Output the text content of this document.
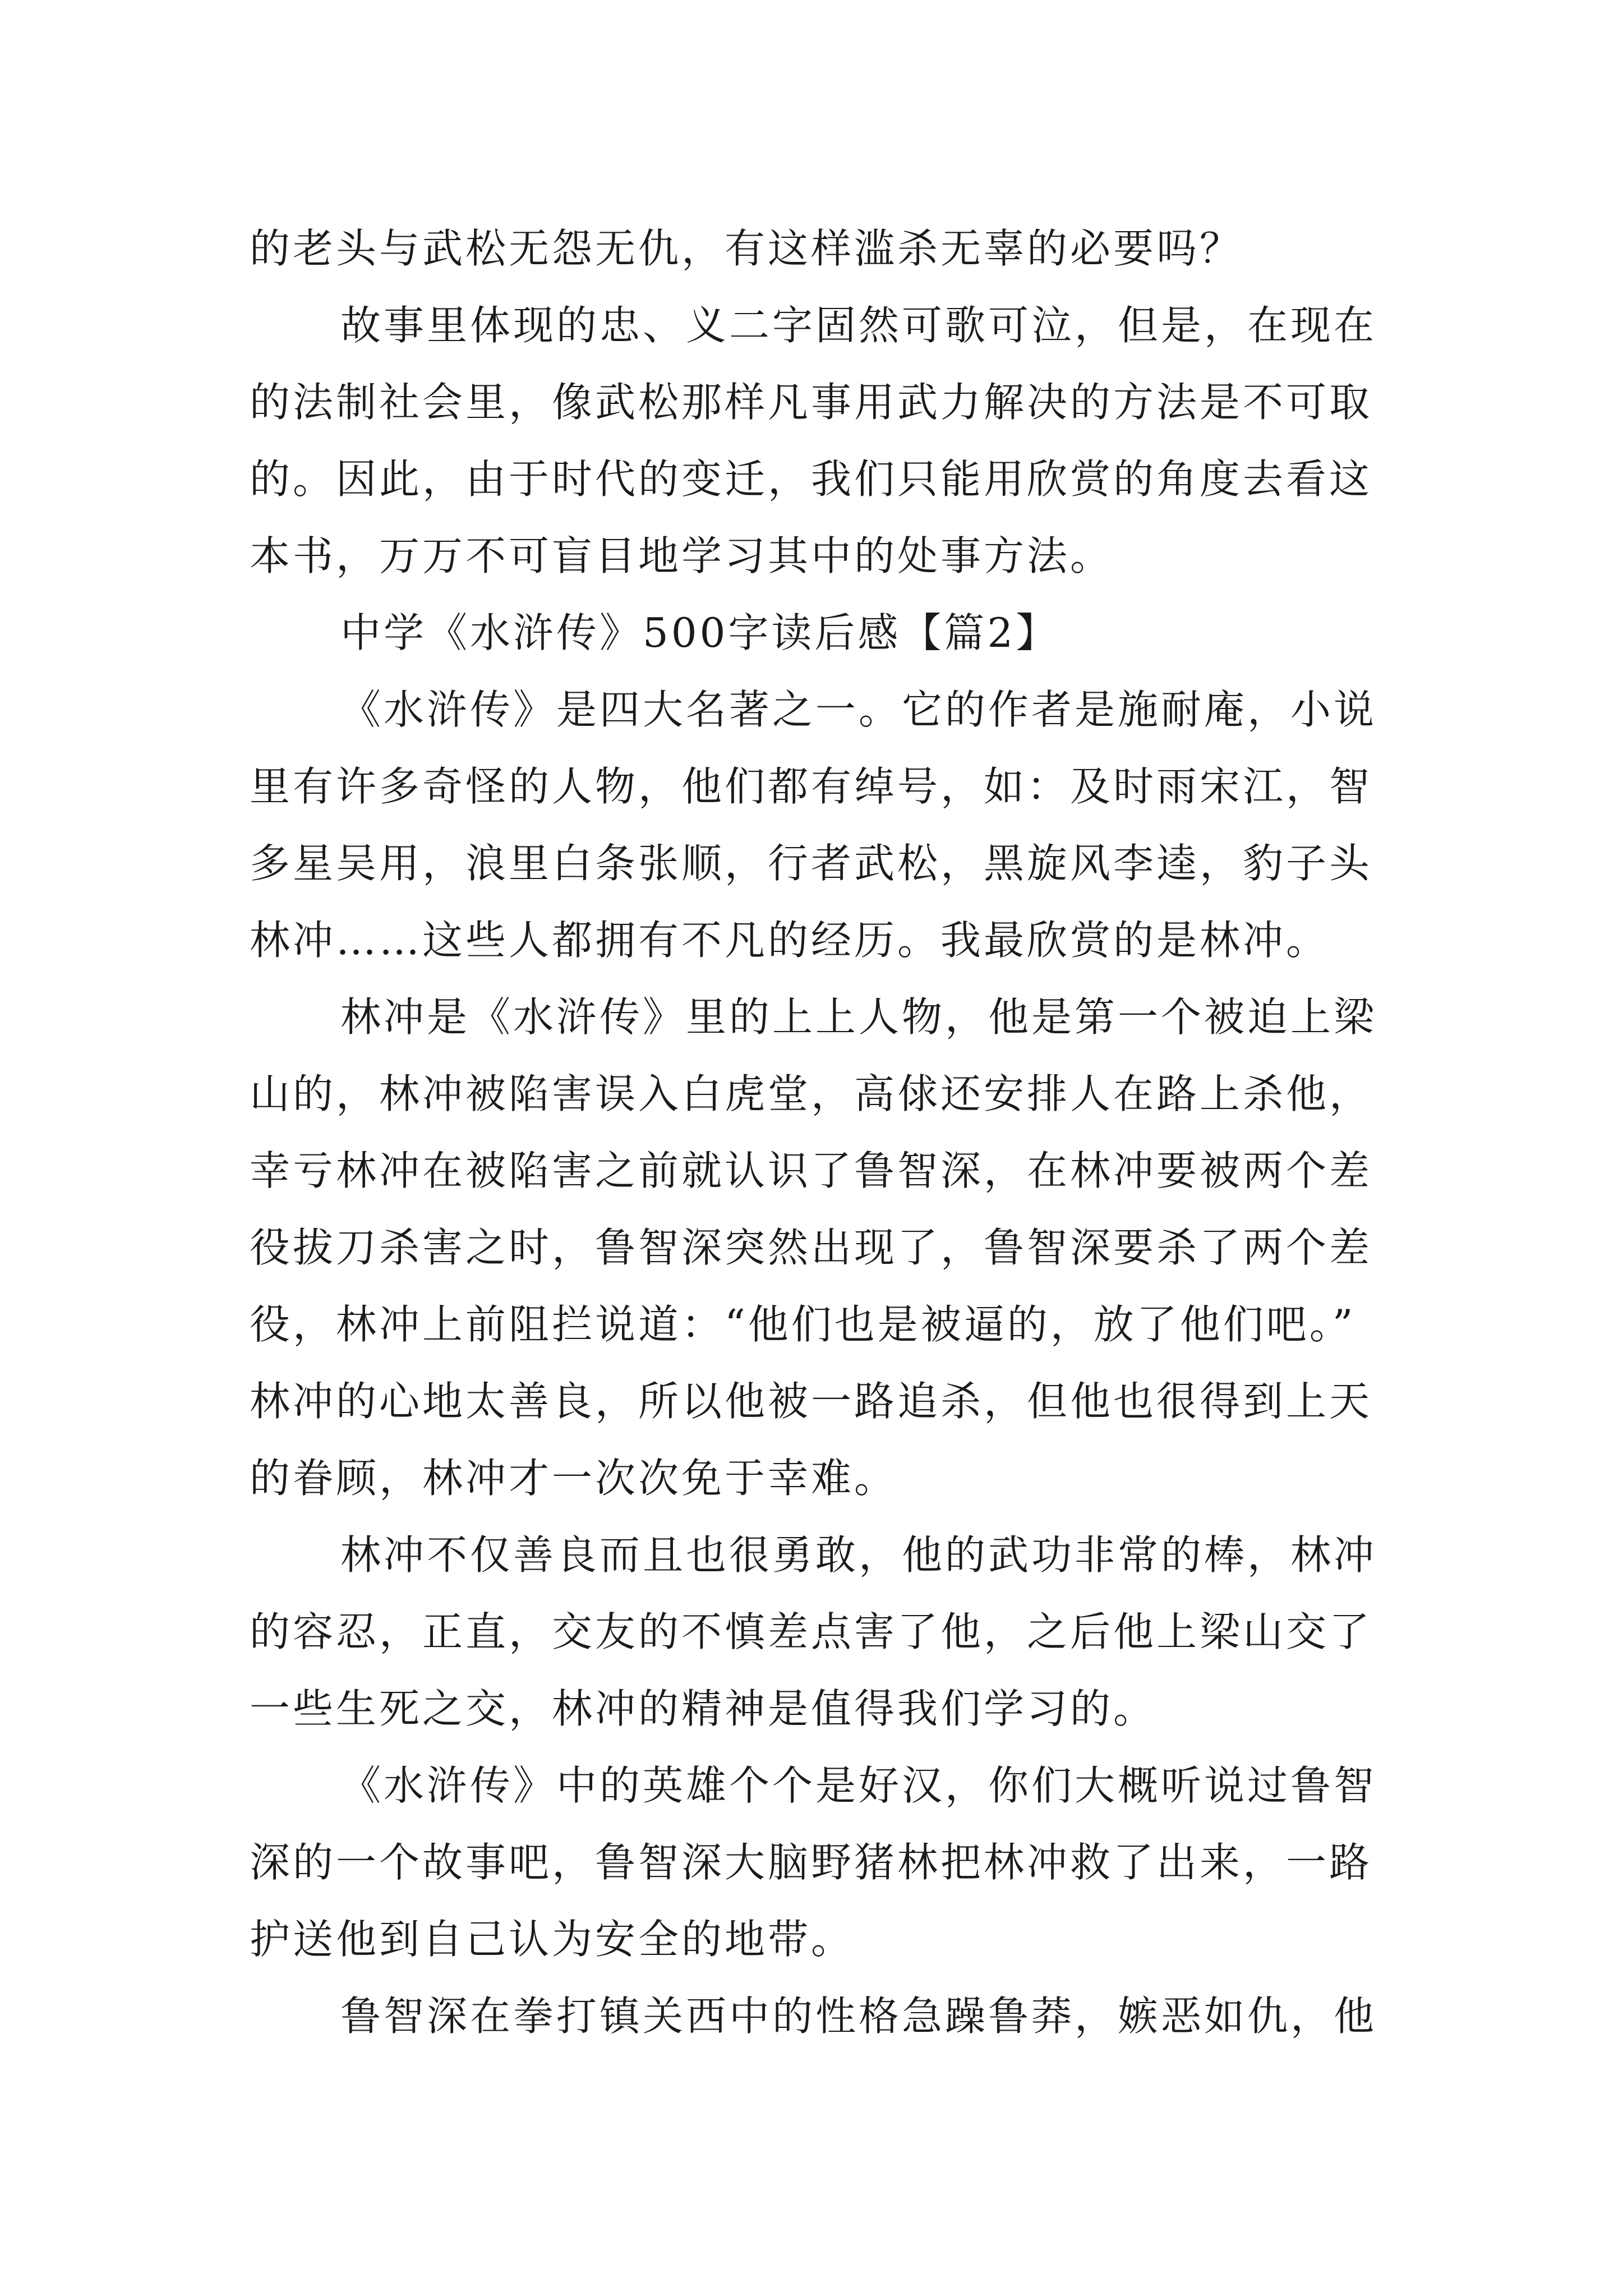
的老头与武松无怨无仇，有这样滥杀无辜的必要吗？
故事里体现的忠、义二字固然可歌可泣，但是，在现在
的法制社会里，像武松那样凡事用武力解决的方法是不可取
的。因此，由于时代的变迁，我们只能用欣赏的角度去看这
本书，万万不可盲目地学习其中的处事方法。
中学《水浒传》500字读后感【篇2】
《水浒传》是四大名著之一。它的作者是施耐庵，小说
里有许多奇怪的人物，他们都有绰号，如：及时雨宋江，智
多星吴用，浪里白条张顺，行者武松，黑旋风李逵，豹子头
林冲……这些人都拥有不凡的经历。我最欣赏的是林冲。
林冲是《水浒传》里的上上人物，他是第一个被迫上梁
山的，林冲被陷害误入白虎堂，高俅还安排人在路上杀他，
幸亏林冲在被陷害之前就认识了鲁智深，在林冲要被两个差
役拔刀杀害之时，鲁智深突然出现了，鲁智深要杀了两个差
役，林冲上前阻拦说道：“他们也是被逼的，放了他们吧。”
林冲的心地太善良，所以他被一路追杀，但他也很得到上天
的眷顾，林冲才一次次免于幸难。
林冲不仅善良而且也很勇敢，他的武功非常的棒，林冲
的容忍，正直，交友的不慎差点害了他，之后他上梁山交了
一些生死之交，林冲的精神是值得我们学习的。
《水浒传》中的英雄个个是好汉，你们大概听说过鲁智
深的一个故事吧，鲁智深大脑野猪林把林冲救了出来，一路
护送他到自己认为安全的地带。
鲁智深在拳打镇关西中的性格急躁鲁莽，嫉恶如仇，他
